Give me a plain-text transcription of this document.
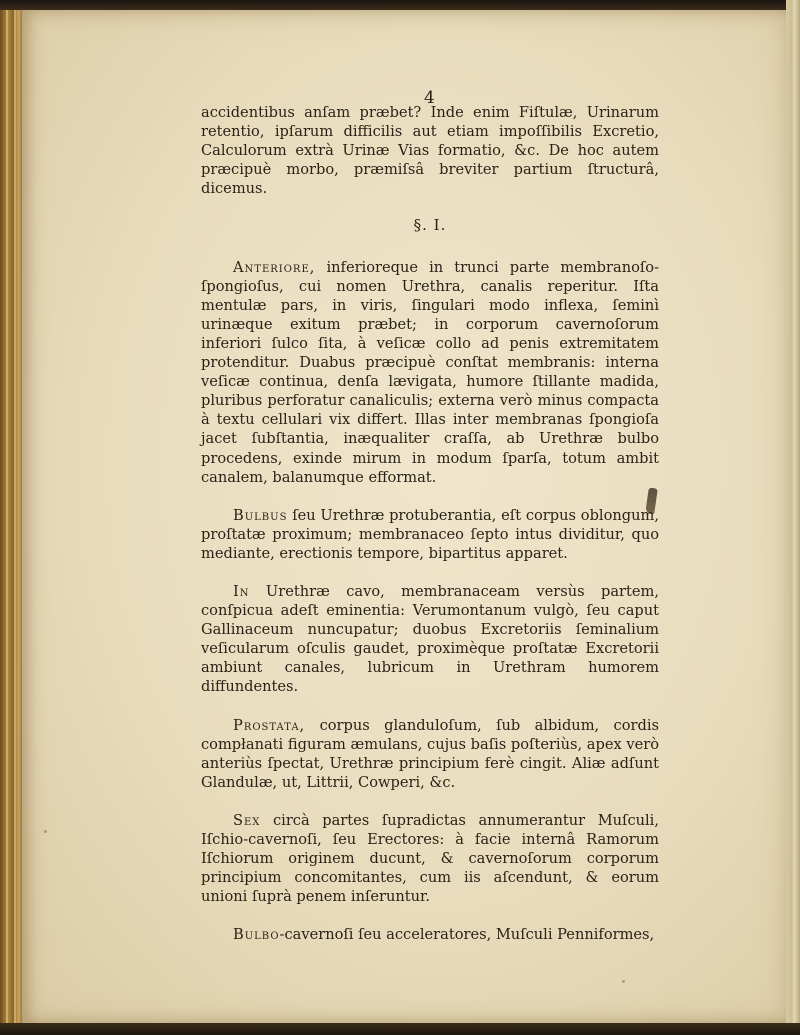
4

accidentibus anſam præbet? Inde enim Fiſtulæ, Urinarum retentio, ipſarum difficilis aut etiam impoſſibilis Excretio, Calculorum extrà Urinæ Vias formatio, &c. De hoc autem præcipuè morbo, præmiſsâ breviter partium ſtructurâ, dicemus.

§. I.

Anteriore, inferioreque in trunci parte membranoſo-ſpongioſus, cui nomen Urethra, canalis reperitur. Iſta mentulæ pars, in viris, ſingulari modo inflexa, ſeminì urinæque exitum præbet; in corporum cavernoſorum inferiori ſulco ſita, à veſicæ collo ad penis extremitatem protenditur. Duabus præcipuè conſtat membranis: interna veſicæ continua, denſa lævigata, humore ſtillante madida, pluribus perforatur canaliculis; externa verò minus compacta à textu cellulari vix differt. Illas inter membranas ſpongioſa jacet ſubſtantia, inæqualiter craſſa, ab Urethræ bulbo procedens, exinde mirum in modum ſparſa, totum ambit canalem, balanumque efformat.

Bulbus ſeu Urethræ protuberantia, eſt corpus oblongum, proſtatæ proximum; membranaceo ſepto intus dividitur, quo mediante, erectionis tempore, bipartitus apparet.

In Urethræ cavo, membranaceam versùs partem, conſpicua adeſt eminentia: Verumontanum vulgò, ſeu caput Gallinaceum nuncupatur; duobus Excretoriis ſeminalium veſicularum oſculis gaudet, proximèque proſtatæ Excretorii ambiunt canales, lubricum in Urethram humorem diffundentes.

Prostata, corpus glanduloſum, ſub albidum, cordis compłanati figuram æmulans, cujus baſis poſteriùs, apex verò anteriùs ſpectat, Urethræ principium ferè cingit. Aliæ adſunt Glandulæ, ut, Littrii, Cowperi, &c.

Sex circà partes ſupradictas annumerantur Muſculi, Iſchio-cavernoſi, ſeu Erectores: à facie internâ Ramorum Iſchiorum originem ducunt, & cavernoſorum corporum principium concomitantes, cum iis aſcendunt, & eorum unioni ſuprà penem inſeruntur.

Bulbo-cavernoſi ſeu acceleratores, Muſculi Penniformes,
